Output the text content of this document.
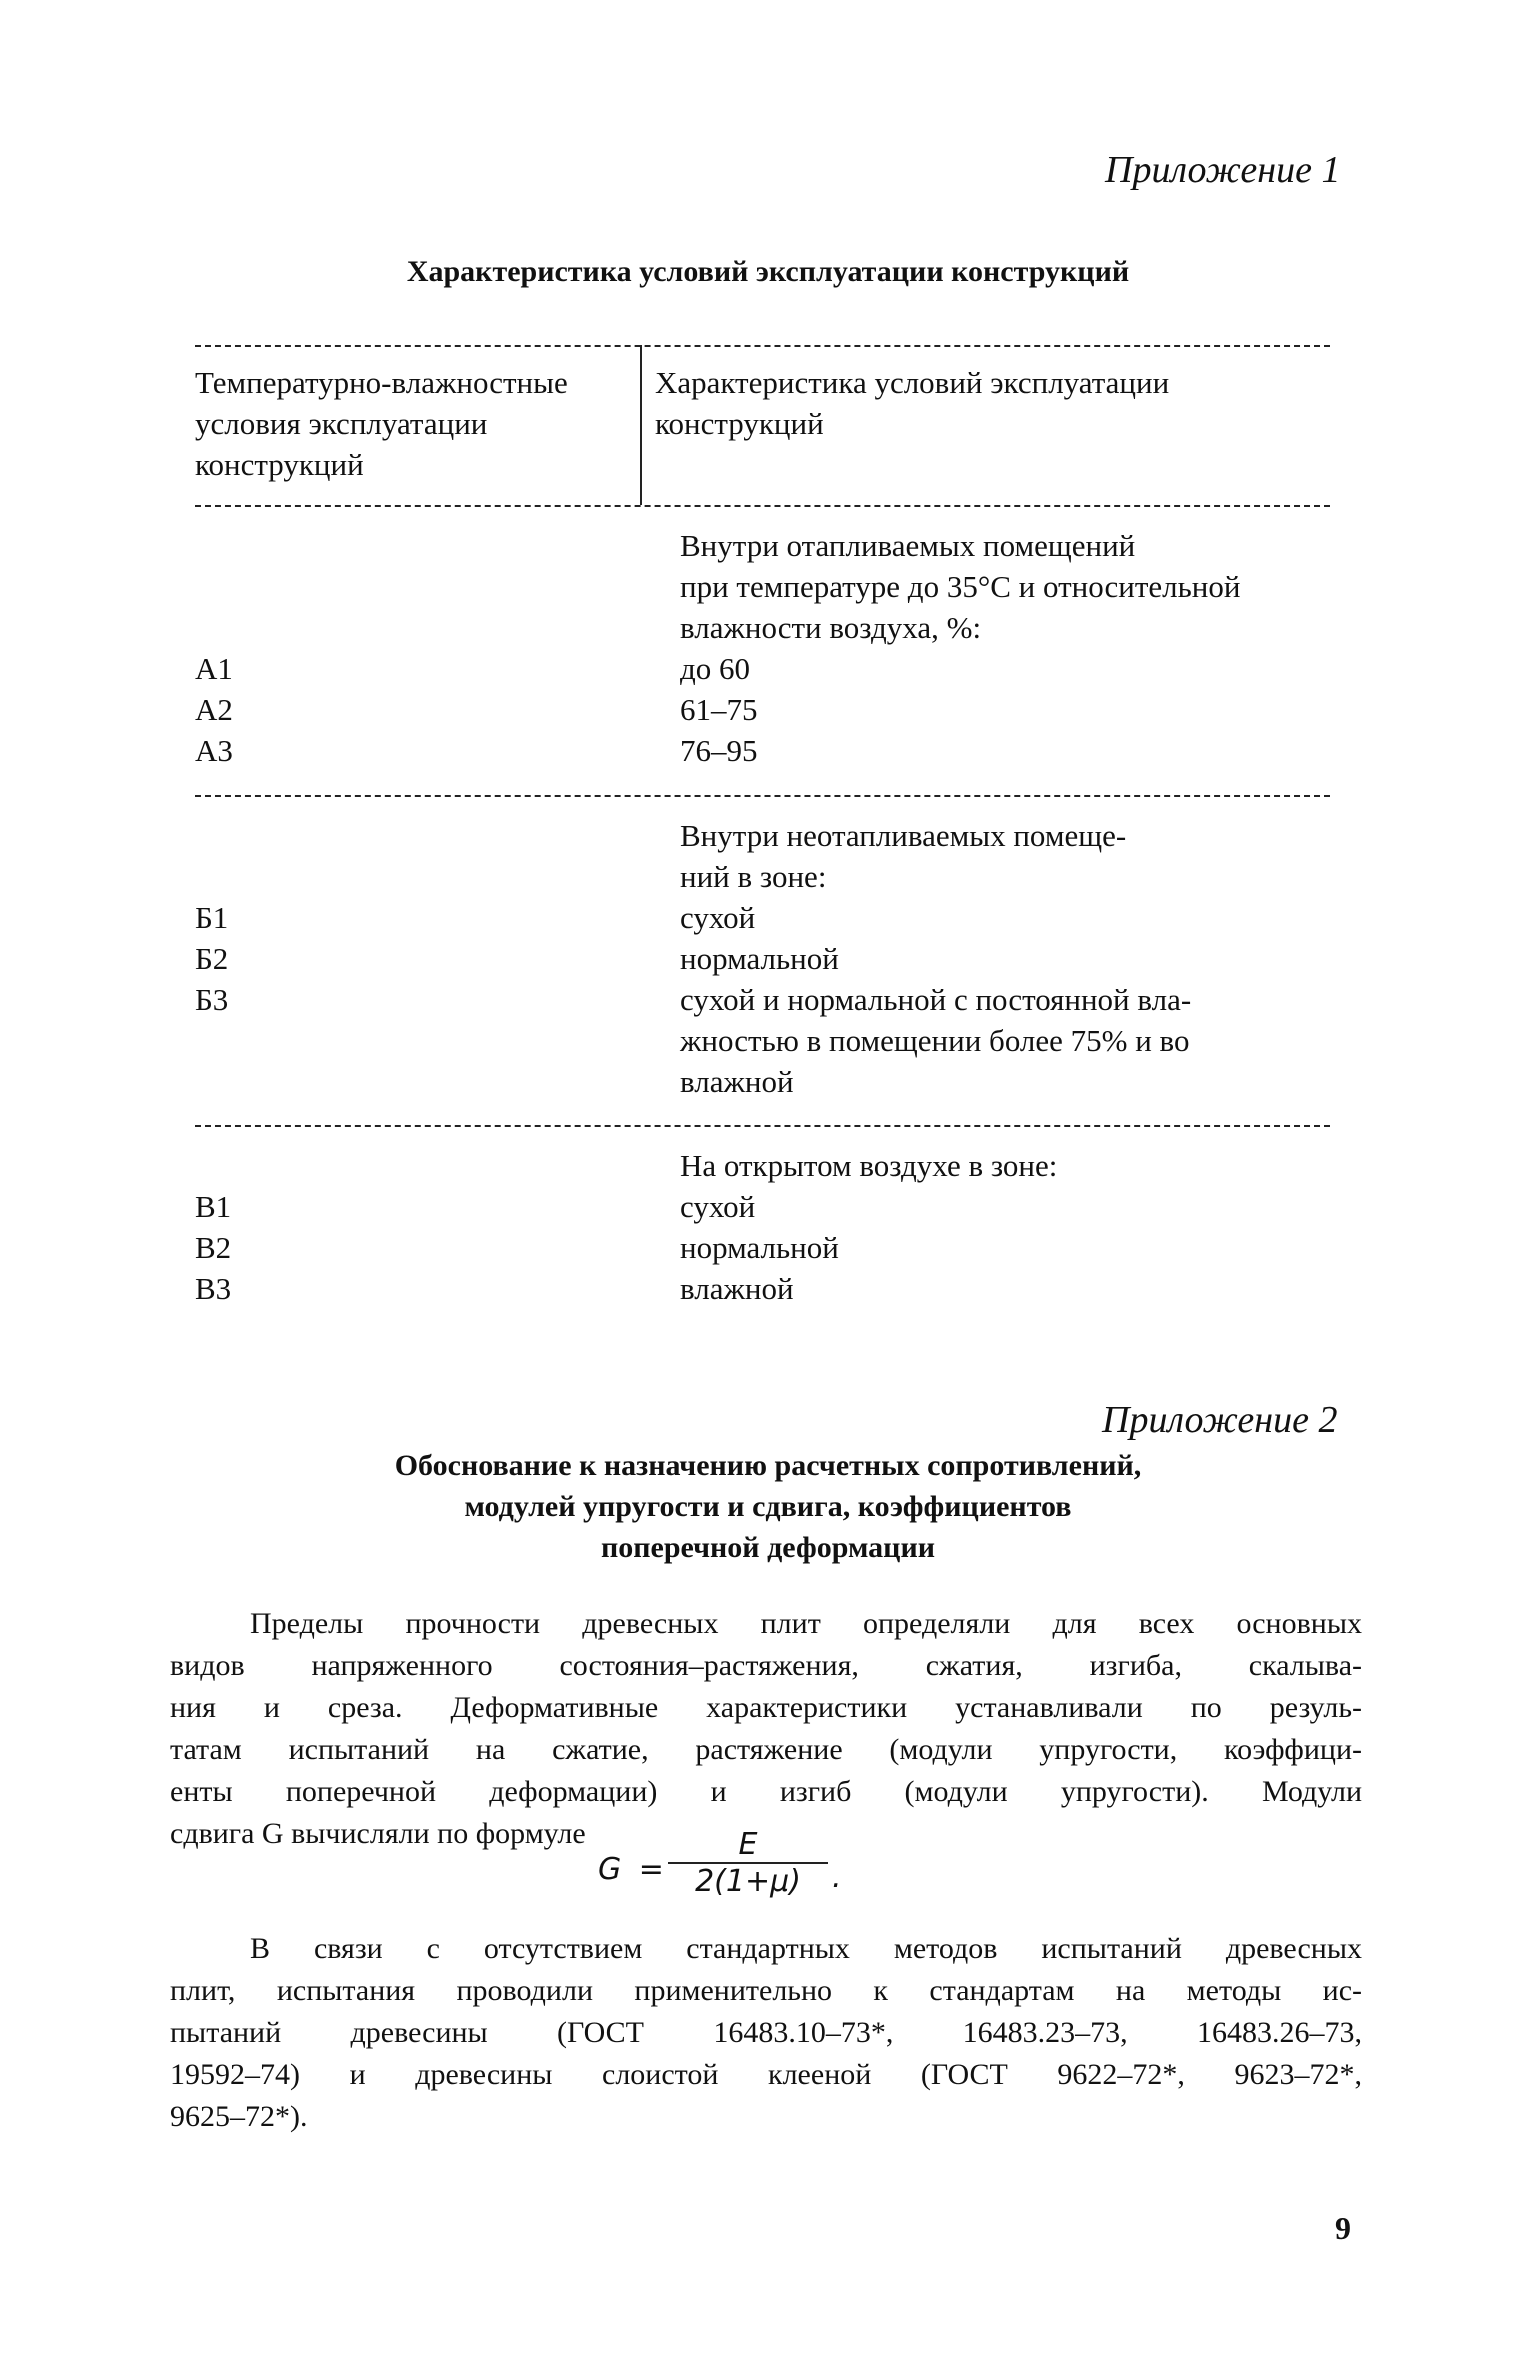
Приложение 1
Характеристика условий эксплуатации конструкций
Температурно-влажностные
условия эксплуатации
конструкций
Характеристика условий эксплуатации
конструкций
Внутри отапливаемых помещений
при температуре до 35°С и относительной
влажности воздуха, %:
А1
А2
А3
до 60
61–75
76–95
Внутри неотапливаемых помеще-
ний в зоне:
Б1
Б2
Б3
сухой
нормальной
сухой и нормальной с постоянной вла-
жностью в помещении более 75% и во
влажной
На открытом воздухе в зоне:
В1
В2
В3
сухой
нормальной
влажной
Приложение 2
Обоснование к назначению расчетных сопротивлений,
модулей упругости и сдвига, коэффициентов
поперечной деформации
Пределы прочности древесных плит определяли для всех основных
видов напряженного состояния–растяжения, сжатия, изгиба, скалыва-
ния и среза. Деформативные характеристики устанавливали по резуль-
татам испытаний на сжатие, растяжение (модули упругости, коэффици-
енты поперечной деформации) и изгиб (модули упругости). Модули
сдвига G вычисляли по формуле
$G = \frac{E}{2(1+\mu)}$ .
В связи с отсутствием стандартных методов испытаний древесных
плит, испытания проводили применительно к стандартам на методы ис-
пытаний древесины (ГОСТ 16483.10–73*, 16483.23–73, 16483.26–73,
19592–74) и древесины слоистой клееной (ГОСТ 9622–72*, 9623–72*,
9625–72*).
9
